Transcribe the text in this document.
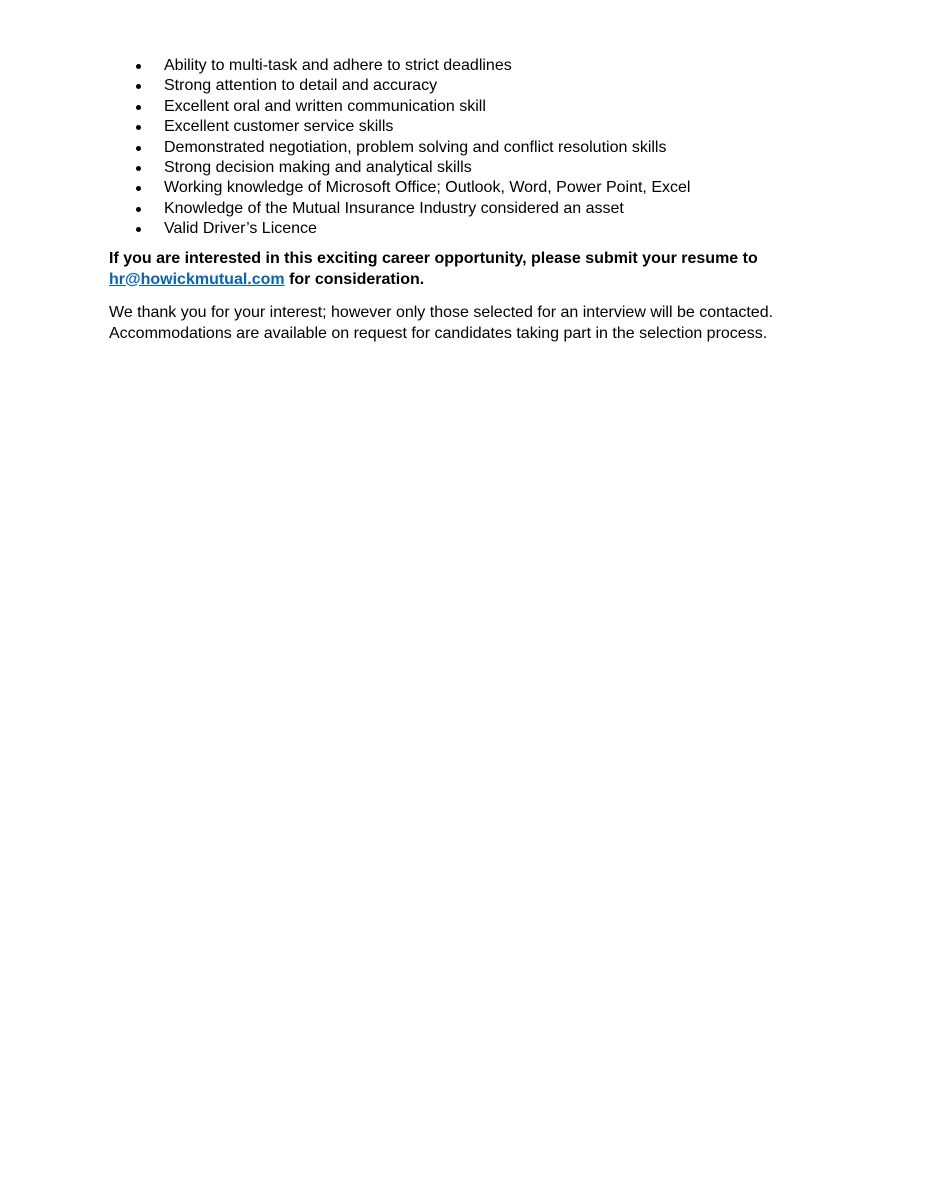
Ability to multi-task and adhere to strict deadlines
Strong attention to detail and accuracy
Excellent oral and written communication skill
Excellent customer service skills
Demonstrated negotiation, problem solving and conflict resolution skills
Strong decision making and analytical skills
Working knowledge of Microsoft Office; Outlook, Word, Power Point, Excel
Knowledge of the Mutual Insurance Industry considered an asset
Valid Driver’s Licence

If you are interested in this exciting career opportunity, please submit your resume to
hr@howickmutual.com for consideration.

We thank you for your interest; however only those selected for an interview will be contacted.
Accommodations are available on request for candidates taking part in the selection process.
